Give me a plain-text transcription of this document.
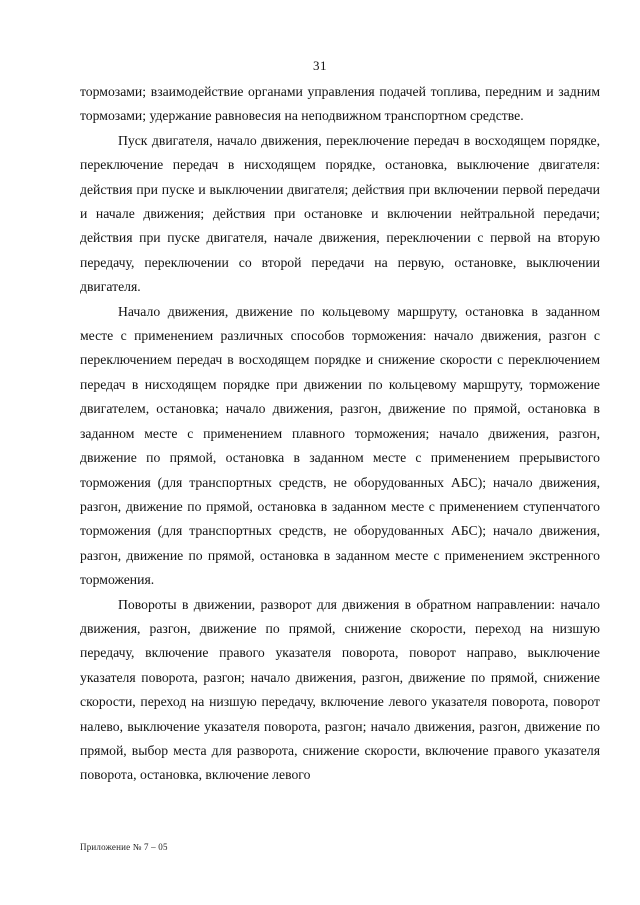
31

тормозами; взаимодействие органами управления подачей топлива, передним и задним тормозами; удержание равновесия на неподвижном транспортном средстве.

Пуск двигателя, начало движения, переключение передач в восходящем порядке, переключение передач в нисходящем порядке, остановка, выключение двигателя: действия при пуске и выключении двигателя; действия при включении первой передачи и начале движения; действия при остановке и включении нейтральной передачи; действия при пуске двигателя, начале движения, переключении с первой на вторую передачу, переключении со второй передачи на первую, остановке, выключении двигателя.

Начало движения, движение по кольцевому маршруту, остановка в заданном месте с применением различных способов торможения: начало движения, разгон с переключением передач в восходящем порядке и снижение скорости с переключением передач в нисходящем порядке при движении по кольцевому маршруту, торможение двигателем, остановка; начало движения, разгон, движение по прямой, остановка в заданном месте с применением плавного торможения; начало движения, разгон, движение по прямой, остановка в заданном месте с применением прерывистого торможения (для транспортных средств, не оборудованных АБС); начало движения, разгон, движение по прямой, остановка в заданном месте с применением ступенчатого торможения (для транспортных средств, не оборудованных АБС); начало движения, разгон, движение по прямой, остановка в заданном месте с применением экстренного торможения.

Повороты в движении, разворот для движения в обратном направлении: начало движения, разгон, движение по прямой, снижение скорости, переход на низшую передачу, включение правого указателя поворота, поворот направо, выключение указателя поворота, разгон; начало движения, разгон, движение по прямой, снижение скорости, переход на низшую передачу, включение левого указателя поворота, поворот налево, выключение указателя поворота, разгон; начало движения, разгон, движение по прямой, выбор места для разворота, снижение скорости, включение правого указателя поворота, остановка, включение левого

Приложение № 7 – 05
